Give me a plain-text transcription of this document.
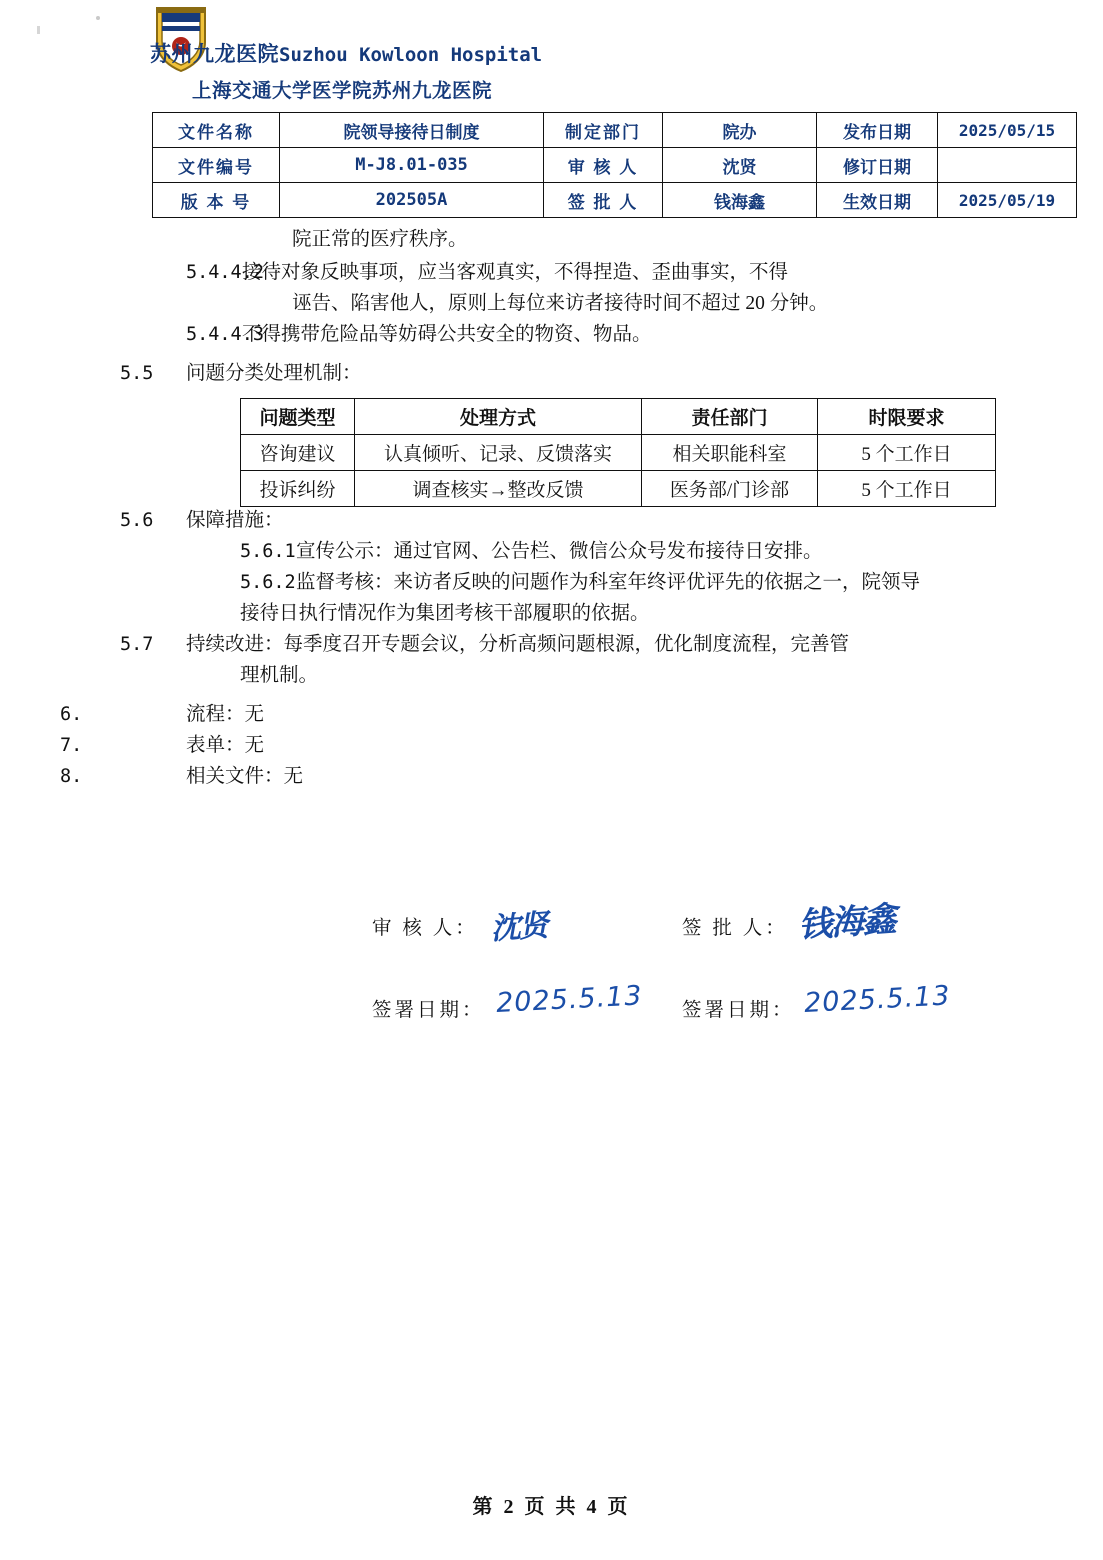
苏州九龙医院Suzhou Kowloon Hospital
上海交通大学医学院苏州九龙医院
文件名称	院领导接待日制度	制定部门	院办	发布日期	2025/05/15
文件编号	M-J8.01-035	审 核 人	沈贤	修订日期	
版 本 号	202505A	签 批 人	钱海鑫	生效日期	2025/05/19
院正常的医疗秩序。
5.4.4.2
接待对象反映事项，应当客观真实，不得捏造、歪曲事实，不得
诬告、陷害他人，原则上每位来访者接待时间不超过 20 分钟。
5.4.4.3
不得携带危险品等妨碍公共安全的物资、物品。
5.5	问题分类处理机制：
5.6	保障措施：
5.6.1 宣传公示：通过官网、公告栏、微信公众号发布接待日安排。
5.6.2 监督考核：来访者反映的问题作为科室年终评优评先的依据之一，院领导
接待日执行情况作为集团考核干部履职的依据。
5.7	持续改进：每季度召开专题会议，分析高频问题根源，优化制度流程，完善管
理机制。
6.	流程：无
7.	表单：无
8.	相关文件：无
问题类型	处理方式	责任部门	时限要求
咨询建议	认真倾听、记录、反馈落实	相关职能科室	5 个工作日
投诉纠纷	调查核实→整改反馈	医务部/门诊部	5 个工作日
审 核 人： 沈贤	签 批 人： 钱海鑫
签署日期： 2025.5.13 签署日期： 2025.5.13
第 2 页 共 4 页
